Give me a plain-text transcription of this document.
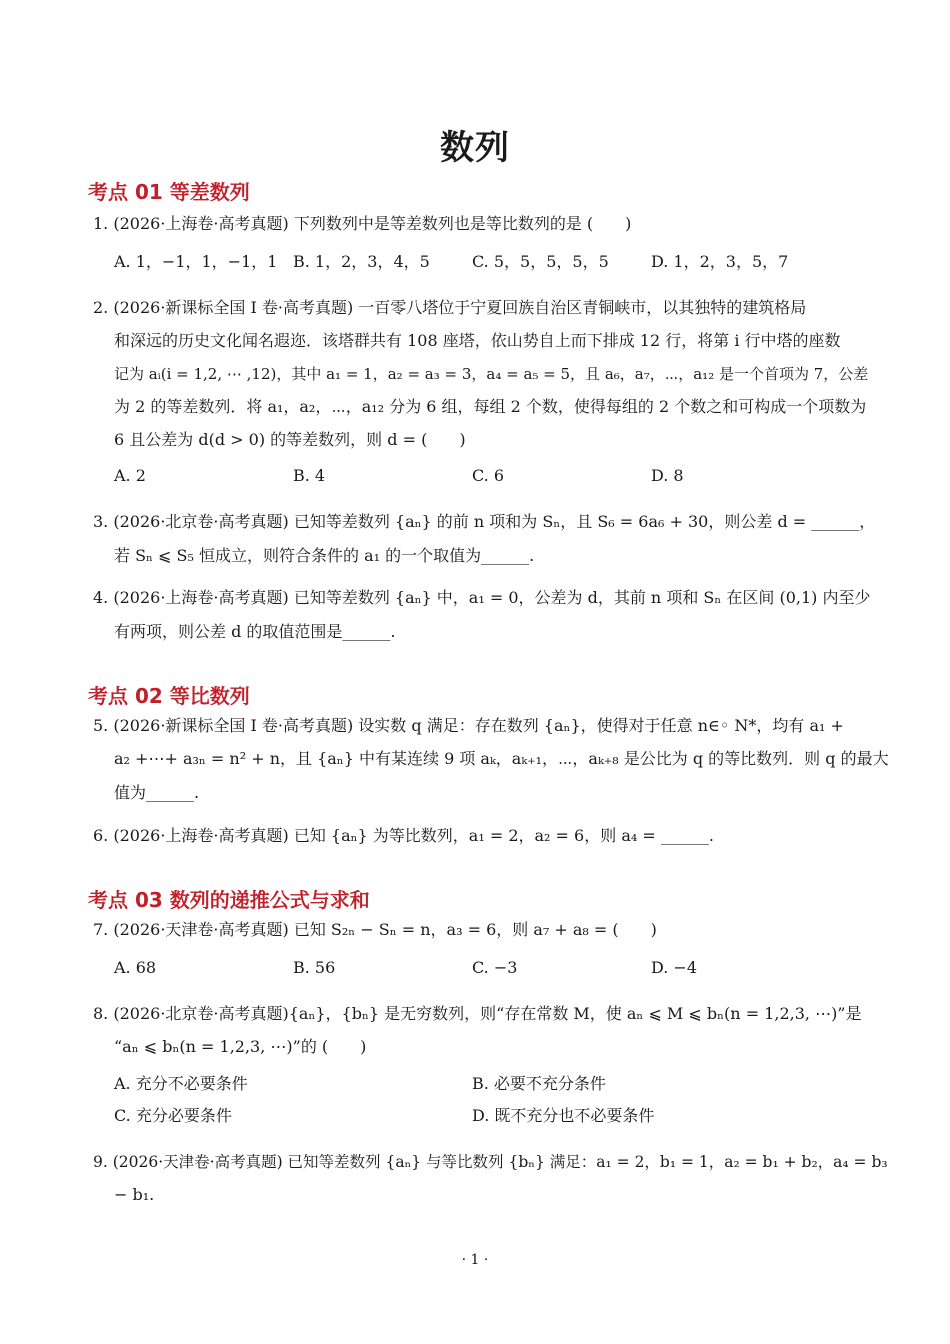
数列
考点 01 等差数列
1. (2026·上海卷·高考真题) 下列数列中是等差数列也是等比数列的是 (　　)
A. 1，−1，1，−1，1 B. 1，2，3，4，5	C. 5，5，5，5，5	D. 1，2，3，5，7
2. (2026·新课标全国 Ⅰ 卷·高考真题) 一百零八塔位于宁夏回族自治区青铜峡市，以其独特的建筑格局
和深远的历史文化闻名遐迩．该塔群共有 108 座塔，依山势自上而下排成 12 行，将第 i 行中塔的座数
记为 aᵢ(i = 1,2, ⋯ ,12)，其中 a₁ = 1，a₂ = a₃ = 3，a₄ = a₅ = 5，且 a₆，a₇，⋯，a₁₂ 是一个首项为 7，公差
为 2 的等差数列．将 a₁，a₂，⋯，a₁₂ 分为 6 组，每组 2 个数，使得每组的 2 个数之和可构成一个项数为
6 且公差为 d(d > 0) 的等差数列，则 d = (　　)
A. 2	B. 4	C. 6	D. 8
3. (2026·北京卷·高考真题) 已知等差数列 {aₙ} 的前 n 项和为 Sₙ，且 S₆ = 6a₆ + 30，则公差 d = ______，
若 Sₙ ⩽ S₅ 恒成立，则符合条件的 a₁ 的一个取值为______.
4. (2026·上海卷·高考真题) 已知等差数列 {aₙ} 中，a₁ = 0，公差为 d，其前 n 项和 Sₙ 在区间 (0,1) 内至少
有两项，则公差 d 的取值范围是______.
考点 02 等比数列
5. (2026·新课标全国 Ⅰ 卷·高考真题) 设实数 q 满足：存在数列 {aₙ}，使得对于任意 n∈◦ N*，均有 a₁ +
a₂ +⋯+ a₃ₙ = n² + n，且 {aₙ} 中有某连续 9 项 aₖ，aₖ₊₁，⋯，aₖ₊₈ 是公比为 q 的等比数列．则 q 的最大
值为______.
6. (2026·上海卷·高考真题) 已知 {aₙ} 为等比数列，a₁ = 2，a₂ = 6，则 a₄ = ______.
考点 03 数列的递推公式与求和
7. (2026·天津卷·高考真题) 已知 S₂ₙ − Sₙ = n，a₃ = 6，则 a₇ + a₈ = (　　)
A. 68	B. 56	C. −3	D. −4
8. (2026·北京卷·高考真题){aₙ}，{bₙ} 是无穷数列，则“存在常数 M，使 aₙ ⩽ M ⩽ bₙ(n = 1,2,3, ⋯)”是
“aₙ ⩽ bₙ(n = 1,2,3, ⋯)”的 (　　)
A. 充分不必要条件	B. 必要不充分条件
C. 充分必要条件	D. 既不充分也不必要条件
9. (2026·天津卷·高考真题) 已知等差数列 {aₙ} 与等比数列 {bₙ} 满足：a₁ = 2，b₁ = 1，a₂ = b₁ + b₂，a₄ = b₃
− b₁.
· 1 ·
